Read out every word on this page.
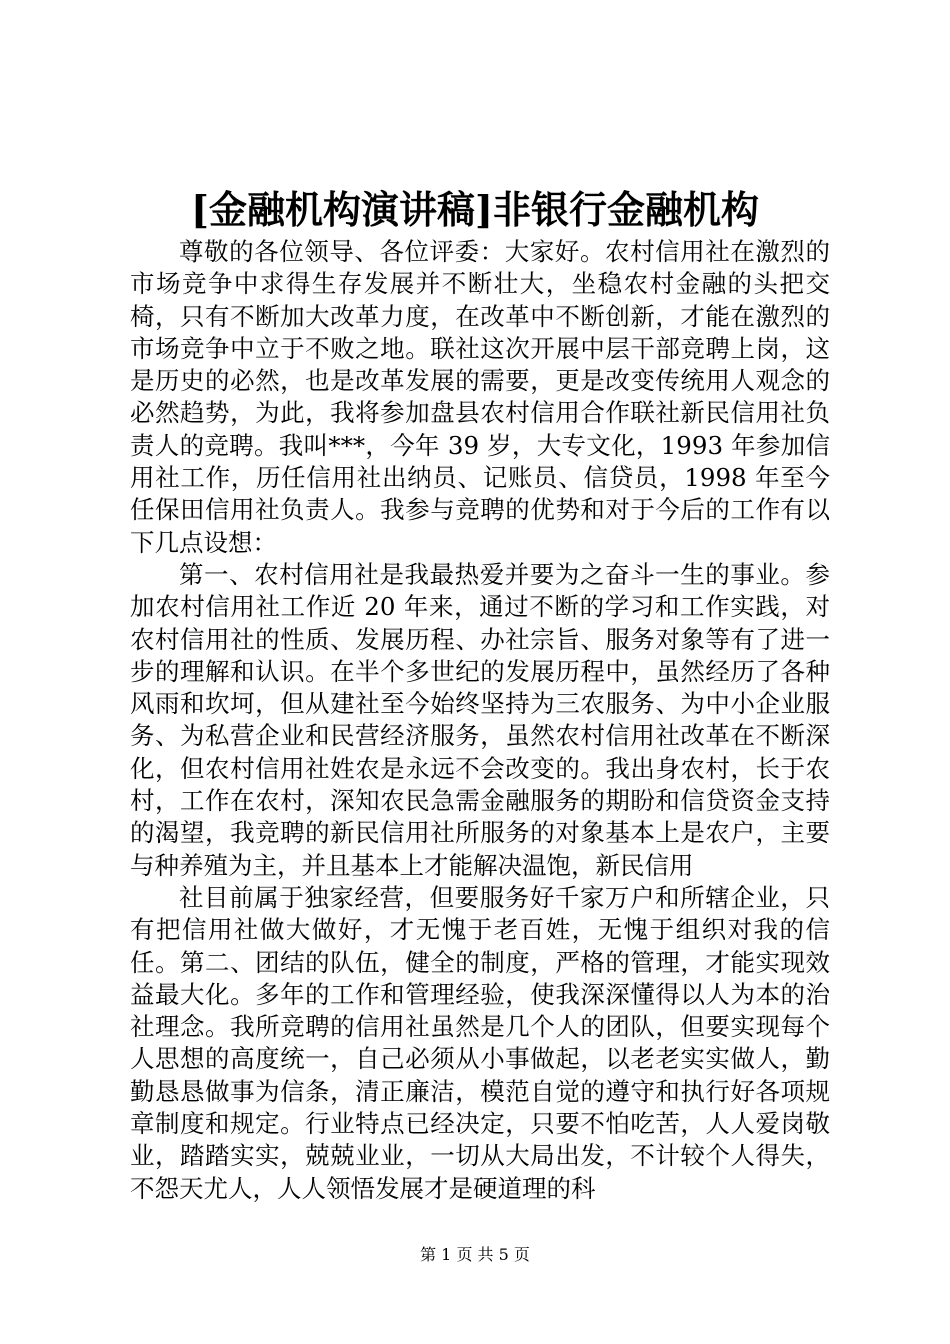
[金融机构演讲稿]非银行金融机构

尊敬的各位领导、各位评委：大家好。农村信用社在激烈的市场竞争中求得生存发展并不断壮大，坐稳农村金融的头把交椅，只有不断加大改革力度，在改革中不断创新，才能在激烈的市场竞争中立于不败之地。联社这次开展中层干部竞聘上岗，这是历史的必然，也是改革发展的需要，更是改变传统用人观念的必然趋势，为此，我将参加盘县农村信用合作联社新民信用社负责人的竞聘。我叫***，今年 39 岁，大专文化，1993 年参加信用社工作，历任信用社出纳员、记账员、信贷员，1998 年至今任保田信用社负责人。我参与竞聘的优势和对于今后的工作有以下几点设想：

第一、农村信用社是我最热爱并要为之奋斗一生的事业。参加农村信用社工作近 20 年来，通过不断的学习和工作实践，对农村信用社的性质、发展历程、办社宗旨、服务对象等有了进一步的理解和认识。在半个多世纪的发展历程中，虽然经历了各种风雨和坎坷，但从建社至今始终坚持为三农服务、为中小企业服务、为私营企业和民营经济服务，虽然农村信用社改革在不断深化，但农村信用社姓农是永远不会改变的。我出身农村，长于农村，工作在农村，深知农民急需金融服务的期盼和信贷资金支持的渴望，我竞聘的新民信用社所服务的对象基本上是农户，主要与种养殖为主，并且基本上才能解决温饱，新民信用

社目前属于独家经营，但要服务好千家万户和所辖企业，只有把信用社做大做好，才无愧于老百姓，无愧于组织对我的信任。第二、团结的队伍，健全的制度，严格的管理，才能实现效益最大化。多年的工作和管理经验，使我深深懂得以人为本的治社理念。我所竞聘的信用社虽然是几个人的团队，但要实现每个人思想的高度统一，自己必须从小事做起，以老老实实做人，勤勤恳恳做事为信条，清正廉洁，模范自觉的遵守和执行好各项规章制度和规定。行业特点已经决定，只要不怕吃苦，人人爱岗敬业，踏踏实实，兢兢业业，一切从大局出发，不计较个人得失，不怨天尤人，人人领悟发展才是硬道理的科

第 1 页 共 5 页
